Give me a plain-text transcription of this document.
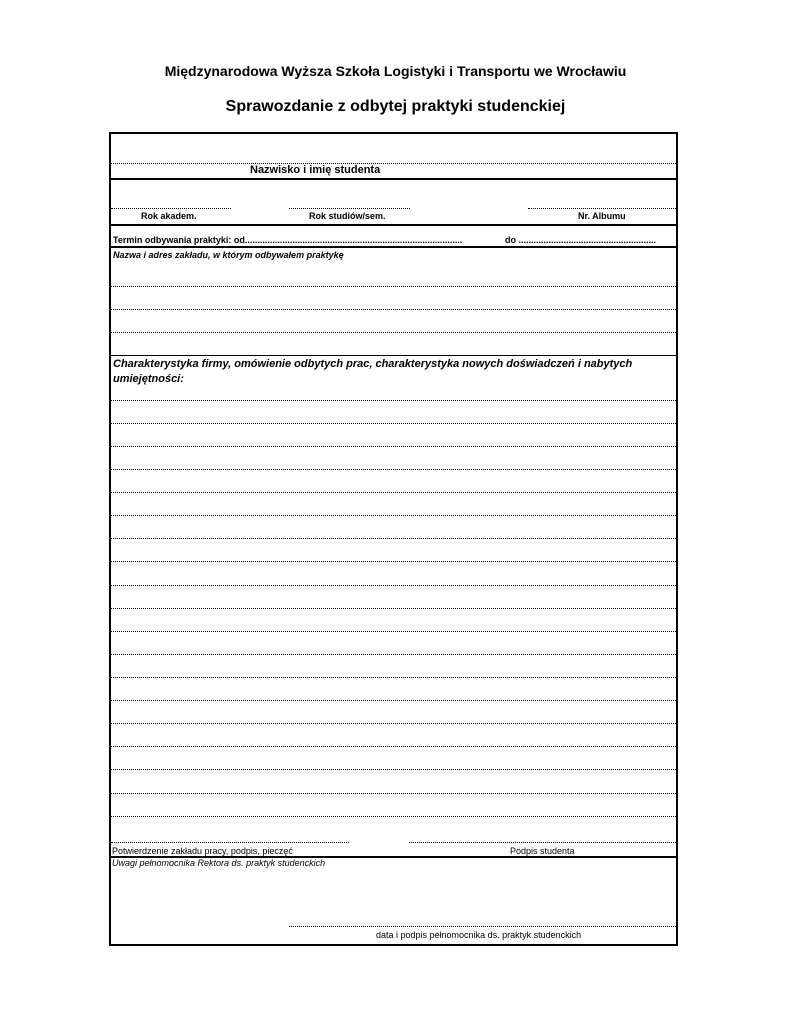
Międzynarodowa Wyższa Szkoła Logistyki i Transportu we Wrocławiu
Sprawozdanie z odbytej praktyki studenckiej
Nazwisko i imię studenta
Rok akadem.	Rok studiów/sem.	Nr. Albumu
Termin odbywania praktyki: od.......................................................................................	do .......................................................
Nazwa i adres zakładu, w którym odbywałem praktykę
Charakterystyka firmy, omówienie odbytych prac, charakterystyka nowych doświadczeń i nabytych
umiejętności:
Potwierdzenie zakładu pracy, podpis, pieczęć	Podpis studenta
Uwagi pełnomocnika Rektora ds. praktyk studenckich
data i podpis pełnomocnika ds. praktyk studenckich
